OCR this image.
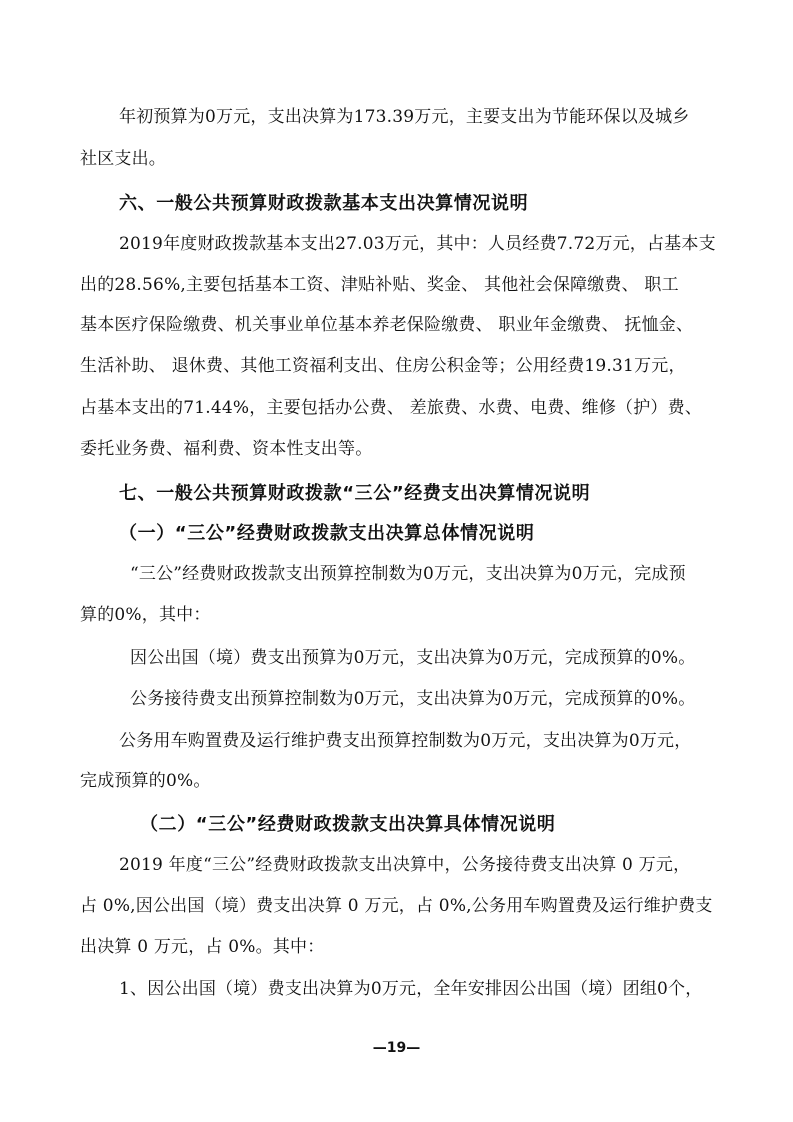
年初预算为0万元，支出决算为173.39万元，主要支出为节能环保以及城乡
社区支出。
六、一般公共预算财政拨款基本支出决算情况说明
2019年度财政拨款基本支出27.03万元，其中：人员经费7.72万元，占基本支
出的28.56%,主要包括基本工资、津贴补贴、奖金、 其他社会保障缴费、 职工
基本医疗保险缴费、机关事业单位基本养老保险缴费、 职业年金缴费、 抚恤金、
生活补助、 退休费、其他工资福利支出、住房公积金等；公用经费19.31万元，
占基本支出的71.44%，主要包括办公费、 差旅费、水费、电费、维修（护）费、
委托业务费、福利费、资本性支出等。
七、一般公共预算财政拨款“三公”经费支出决算情况说明
（一）“三公”经费财政拨款支出决算总体情况说明
“三公”经费财政拨款支出预算控制数为0万元，支出决算为0万元，完成预
算的0%，其中：
因公出国（境）费支出预算为0万元，支出决算为0万元，完成预算的0%。
公务接待费支出预算控制数为0万元，支出决算为0万元，完成预算的0%。
公务用车购置费及运行维护费支出预算控制数为0万元，支出决算为0万元，
完成预算的0%。
（二）“三公”经费财政拨款支出决算具体情况说明
2019 年度“三公”经费财政拨款支出决算中，公务接待费支出决算 0 万元，
占 0%,因公出国（境）费支出决算 0 万元，占 0%,公务用车购置费及运行维护费支
出决算 0 万元，占 0%。其中：
1、因公出国（境）费支出决算为0万元，全年安排因公出国（境）团组0个，
—19—
